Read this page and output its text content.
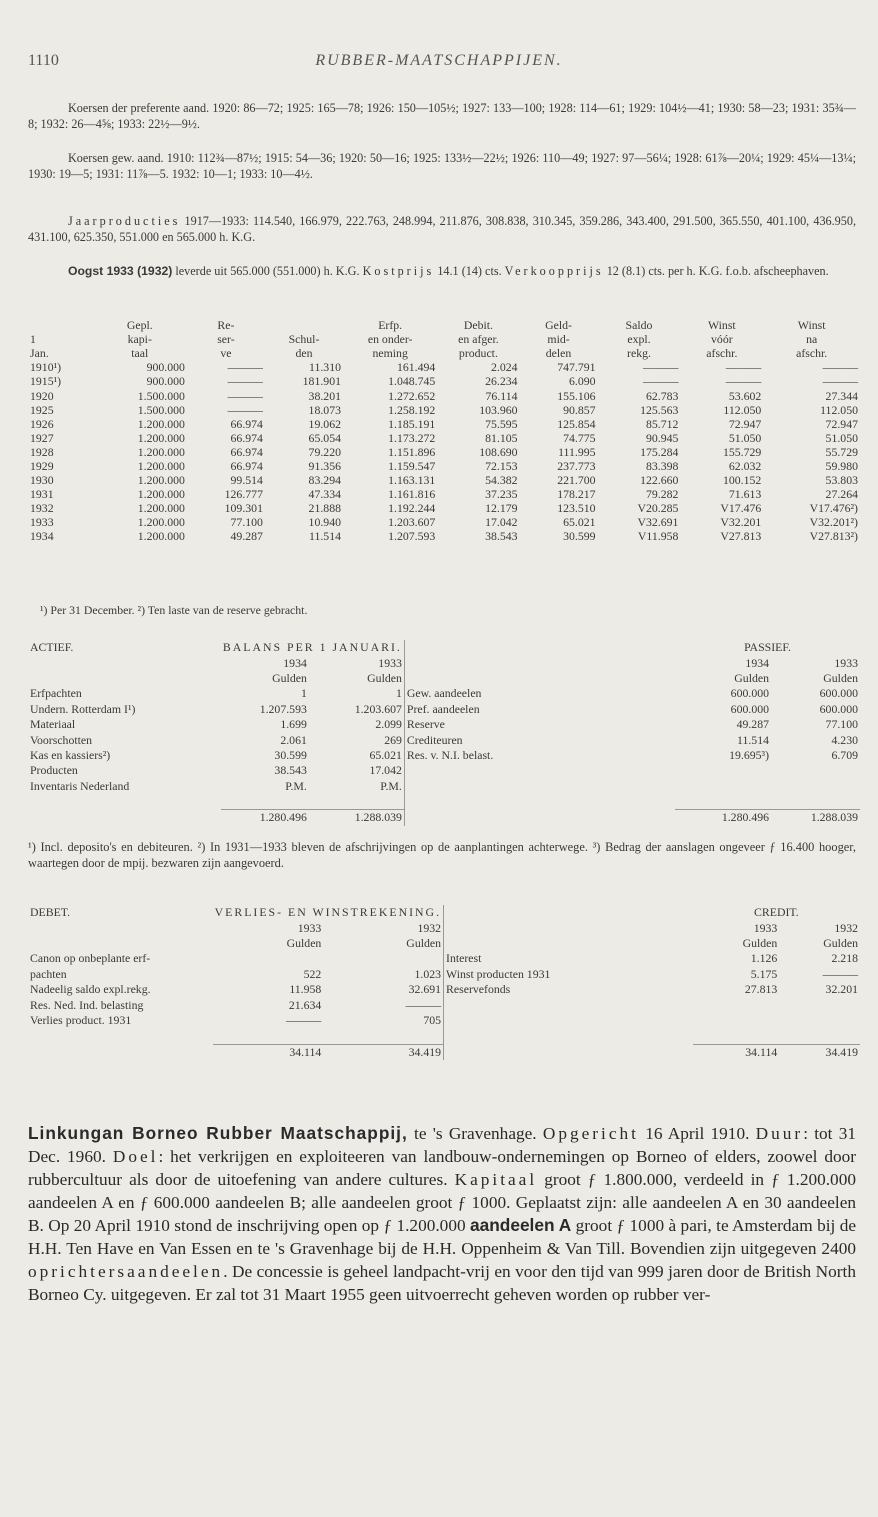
1110	RUBBER-MAATSCHAPPIJEN.
Koersen der preferente aand. 1920: 86—72; 1925: 165—78; 1926: 150—105½; 1927: 133—100; 1928: 114—61; 1929: 104½—41; 1930: 58—23; 1931: 35¾—8; 1932: 26—4⅝; 1933: 22½—9½.
Koersen gew. aand. 1910: 112¾—87½; 1915: 54—36; 1920: 50—16; 1925: 133½—22½; 1926: 110—49; 1927: 97—56¼; 1928: 61⅞—20¼; 1929: 45¼—13¼; 1930: 19—5; 1931: 11⅞—5. 1932: 10—1; 1933: 10—4½.
Jaarproducties 1917—1933: 114.540, 166.979, 222.763, 248.994, 211.876, 308.838, 310.345, 359.286, 343.400, 291.500, 365.550, 401.100, 436.950, 431.100, 625.350, 551.000 en 565.000 h. K.G.
Oogst 1933 (1932) leverde uit 565.000 (551.000) h. K.G. Kostprijs 14.1 (14) cts. Verkoopprijs 12 (8.1) cts. per h. K.G. f.o.b. afscheephaven.
	Gepl.	Re-		Erfp.	Debit.	Geld-	Saldo	Winst	Winst
1	kapi-	ser-	Schul-	en onder-	en afger.	mid-	expl.	vóór	na
Jan.	taal	ve	den	neming	product.	delen	rekg.	afschr.	afschr.
1910¹)	900.000	———	11.310	161.494	2.024	747.791	———	———	———
1915¹)	900.000	———	181.901	1.048.745	26.234	6.090	———	———	———
1920	1.500.000	———	38.201	1.272.652	76.114	155.106	62.783	53.602	27.344
1925	1.500.000	———	18.073	1.258.192	103.960	90.857	125.563	112.050	112.050
1926	1.200.000	66.974	19.062	1.185.191	75.595	125.854	85.712	72.947	72.947
1927	1.200.000	66.974	65.054	1.173.272	81.105	74.775	90.945	51.050	51.050
1928	1.200.000	66.974	79.220	1.151.896	108.690	111.995	175.284	155.729	55.729
1929	1.200.000	66.974	91.356	1.159.547	72.153	237.773	83.398	62.032	59.980
1930	1.200.000	99.514	83.294	1.163.131	54.382	221.700	122.660	100.152	53.803
1931	1.200.000	126.777	47.334	1.161.816	37.235	178.217	79.282	71.613	27.264
1932	1.200.000	109.301	21.888	1.192.244	12.179	123.510	V20.285	V17.476	V17.476²)
1933	1.200.000	77.100	10.940	1.203.607	17.042	65.021	V32.691	V32.201	V32.201²)
1934	1.200.000	49.287	11.514	1.207.593	38.543	30.599	V11.958	V27.813	V27.813²)
¹) Per 31 December. ²) Ten laste van de reserve gebracht.
ACTIEF.	BALANS PER 1 JANUARI.			PASSIEF.	
	1934	1933		1934	1933
	Gulden	Gulden		Gulden	Gulden
Erfpachten	1	1	Gew. aandeelen	600.000	600.000
Undern. Rotterdam I¹)	1.207.593	1.203.607	Pref. aandeelen	600.000	600.000
Materiaal	1.699	2.099	Reserve	49.287	77.100
Voorschotten	2.061	269	Crediteuren	11.514	4.230
Kas en kassiers²)	30.599	65.021	Res. v. N.I. belast.	19.695³)	6.709
Producten	38.543	17.042			
Inventaris Nederland	P.M.	P.M.			

	1.280.496	1.288.039		1.280.496	1.288.039
¹) Incl. deposito's en debiteuren. ²) In 1931—1933 bleven de afschrijvingen op de aanplantingen achterwege. ³) Bedrag der aanslagen ongeveer ƒ 16.400 hooger, waartegen door de mpij. bezwaren zijn aangevoerd.
DEBET.	VERLIES- EN WINSTREKENING.			CREDIT.	
	1933	1932		1933	1932
	Gulden	Gulden		Gulden	Gulden
Canon op onbeplante erf-			Interest	1.126	2.218
pachten	522	1.023	Winst producten 1931	5.175	———
Nadeelig saldo expl.rekg.	11.958	32.691	Reservefonds	27.813	32.201
Res. Ned. Ind. belasting	21.634	———			
Verlies product. 1931	———	705			

	34.114	34.419		34.114	34.419
Linkungan Borneo Rubber Maatschappij, te 's Gravenhage. Opgericht 16 April 1910. Duur: tot 31 Dec. 1960. Doel: het verkrijgen en exploiteeren van landbouw-ondernemingen op Borneo of elders, zoowel door rubbercultuur als door de uitoefening van andere cultures. Kapitaal groot ƒ 1.800.000, verdeeld in ƒ 1.200.000 aandeelen A en ƒ 600.000 aandeelen B; alle aandeelen groot ƒ 1000. Geplaatst zijn: alle aandeelen A en 30 aandeelen B. Op 20 April 1910 stond de inschrijving open op ƒ 1.200.000 aandeelen A groot ƒ 1000 à pari, te Amsterdam bij de H.H. Ten Have en Van Essen en te 's Gravenhage bij de H.H. Oppenheim & Van Till. Bovendien zijn uitgegeven 2400 oprichtersaandeelen. De concessie is geheel landpacht-vrij en voor den tijd van 999 jaren door de British North Borneo Cy. uitgegeven. Er zal tot 31 Maart 1955 geen uitvoerrecht geheven worden op rubber ver-
